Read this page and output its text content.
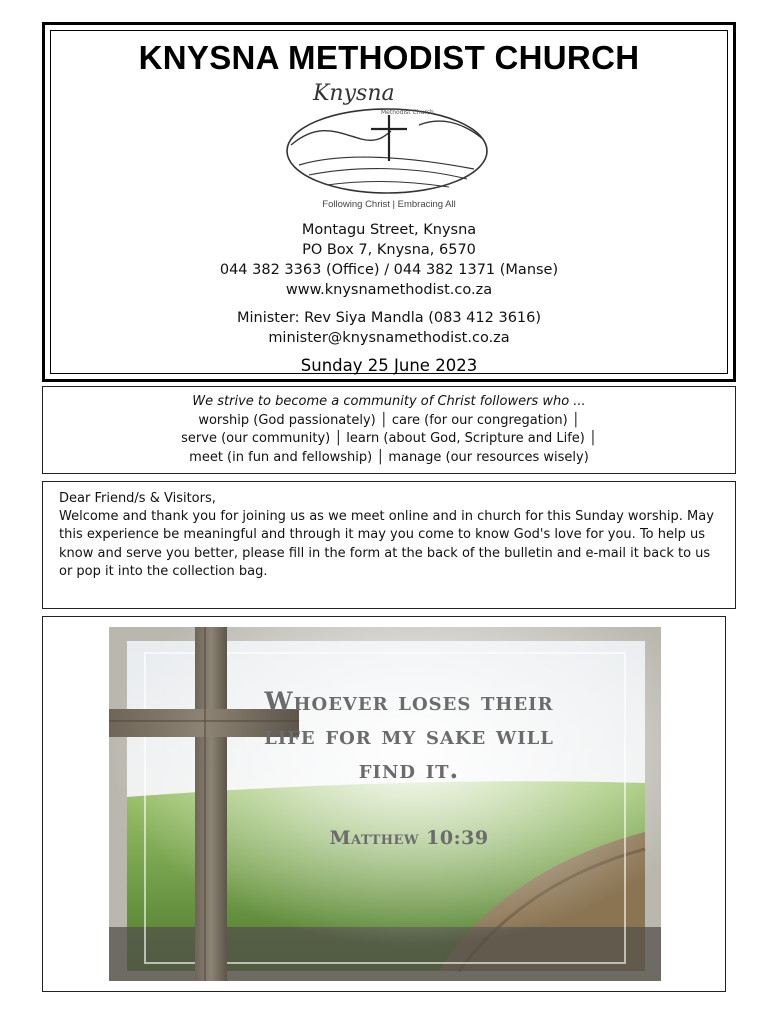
KNYSNA METHODIST CHURCH
Knysna
Methodist Church
Following Christ | Embracing All
Montagu Street, Knysna
PO Box 7, Knysna, 6570
044 382 3363 (Office) / 044 382 1371 (Manse)
www.knysnamethodist.co.za
Minister: Rev Siya Mandla (083 412 3616)
minister@knysnamethodist.co.za
Sunday 25 June 2023
We strive to become a community of Christ followers who ...
worship (God passionately) │ care (for our congregation) │
serve (our community) │ learn (about God, Scripture and Life) │
meet (in fun and fellowship) │ manage (our resources wisely)

Dear Friend/s & Visitors,

Welcome and thank you for joining us as we meet online and in church for this Sunday worship. May this experience be meaningful and through it may you come to know God's love for you. To help us know and serve you better, please fill in the form at the back of the bulletin and e-mail it back to us or pop it into the collection bag.

Whoever loses their life for my sake will find it.
Matthew 10:39
